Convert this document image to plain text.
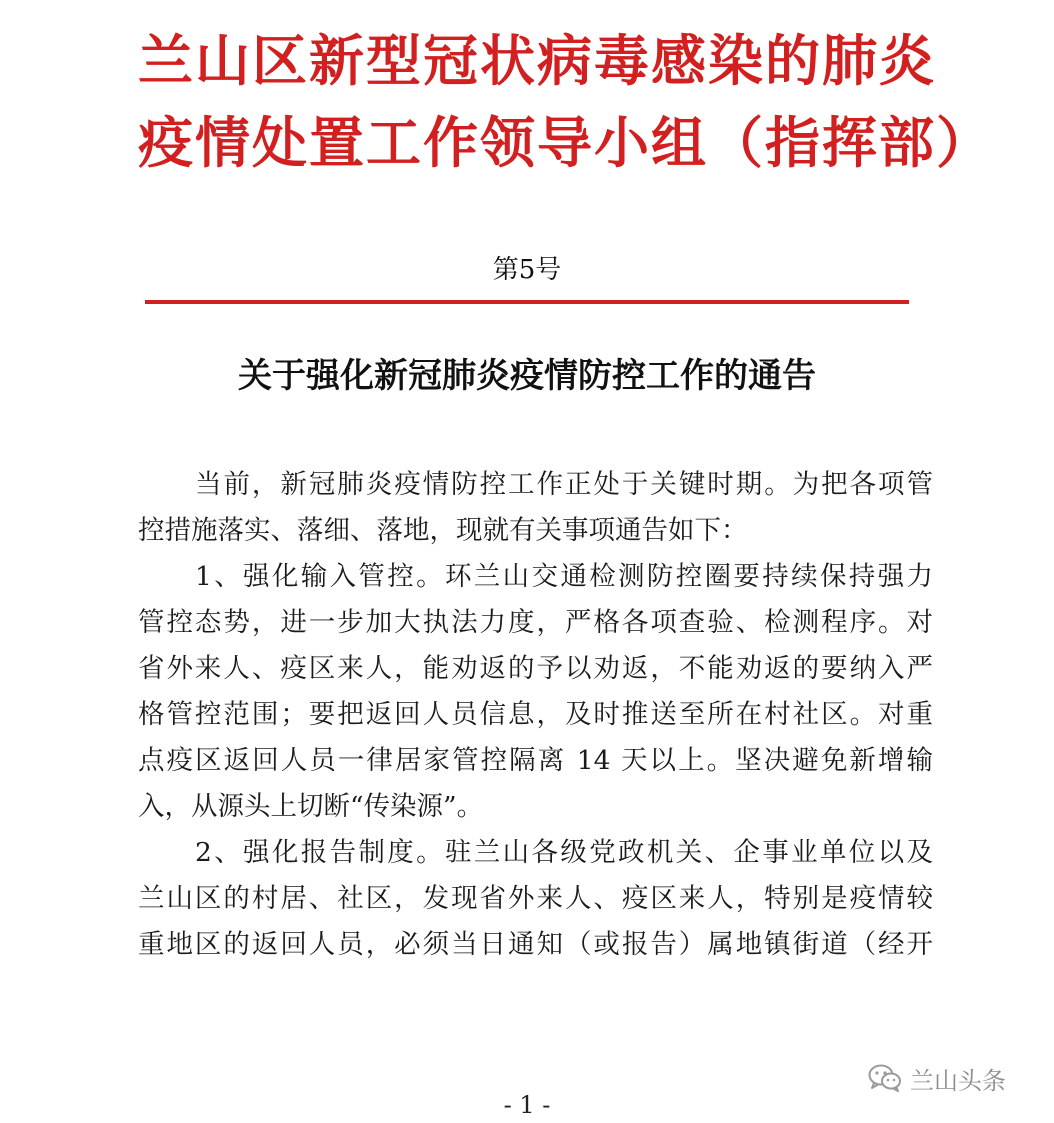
兰山区新型冠状病毒感染的肺炎
疫情处置工作领导小组（指挥部）
第5号
关于强化新冠肺炎疫情防控工作的通告
当前，新冠肺炎疫情防控工作正处于关键时期。为把各项管
控措施落实、落细、落地，现就有关事项通告如下：
1、强化输入管控。环兰山交通检测防控圈要持续保持强力
管控态势，进一步加大执法力度，严格各项查验、检测程序。对
省外来人、疫区来人，能劝返的予以劝返，不能劝返的要纳入严
格管控范围；要把返回人员信息，及时推送至所在村社区。对重
点疫区返回人员一律居家管控隔离 14 天以上。坚决避免新增输
入，从源头上切断“传染源”。
2、强化报告制度。驻兰山各级党政机关、企事业单位以及
兰山区的村居、社区，发现省外来人、疫区来人，特别是疫情较
重地区的返回人员，必须当日通知（或报告）属地镇街道（经开
兰山头条
- 1 -
